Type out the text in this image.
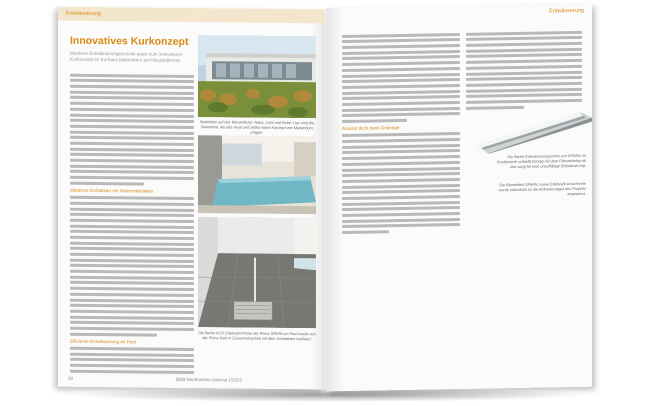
Entwässerung
Innovatives Kurkonzept
Moderne Entwässerungstechnik passt zum innovativen Kurkonzept im Kurhaus Marienborn am Neusiedlersee
Moderne Architektur mit Naturmaterialien
Effiziente Entwässerung im Pool
Reduktion auf das Wesentliche: Natur, Licht und Ruhe. Das sind die Bausteine, die das neue und zeitlos-klare Konzept von Marienborn prägen.
Die flache ACO Edelstahl-Rinne der Firma SFA/Ro im Pool wurde von der Firma Kohl in Zusammenarbeit mit dem Architekten realisiert.
38	BDB-Nachrichten-Journal 1/2023
Entwässerung
Absolut dicht dank Drainage
Die flache Entwässerungsrinne von SFA/Ro im Poolbereich schließt bündig mit dem Fliesenbelag ab und sorgt für eine unauffällige Entwässerung.
Die Baueinheit SFA/Ro sowie Edelstahl-Duschrinne wurde individuell an die Anforderungen des Projekts angepasst.
